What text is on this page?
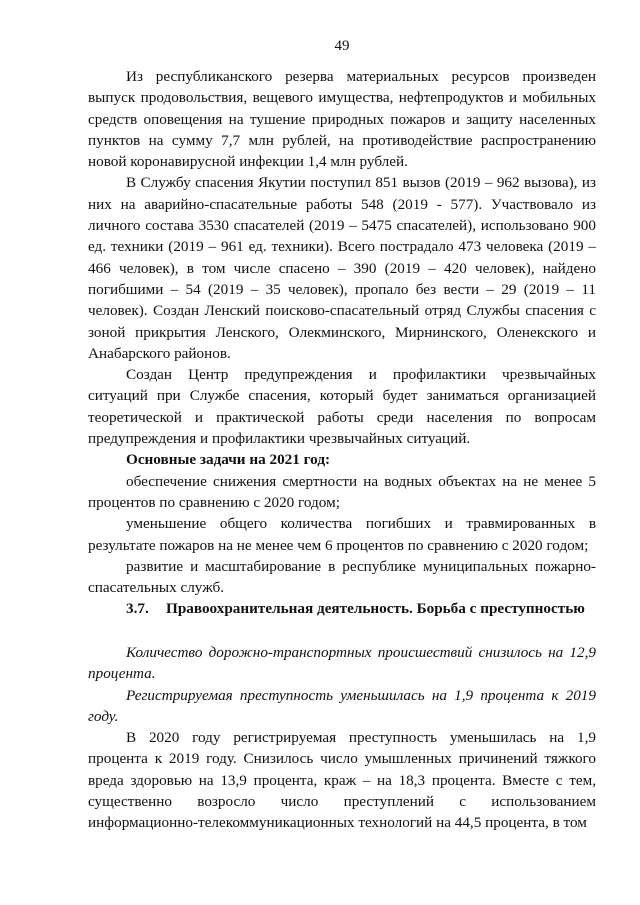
49

Из республиканского резерва материальных ресурсов произведен выпуск продовольствия, вещевого имущества, нефтепродуктов и мобильных средств оповещения на тушение природных пожаров и защиту населенных пунктов на сумму 7,7 млн рублей, на противодействие распространению новой коронавирусной инфекции 1,4 млн рублей.

В Службу спасения Якутии поступил 851 вызов (2019 – 962 вызова), из них на аварийно-спасательные работы 548 (2019 - 577). Участвовало из личного состава 3530 спасателей (2019 – 5475 спасателей), использовано 900 ед. техники (2019 – 961 ед. техники). Всего пострадало 473 человека (2019 – 466 человек), в том числе спасено – 390 (2019 – 420 человек), найдено погибшими – 54 (2019 – 35 человек), пропало без вести – 29 (2019 – 11 человек). Создан Ленский поисково-спасательный отряд Службы спасения с зоной прикрытия Ленского, Олекминского, Мирнинского, Оленекского и Анабарского районов.

Создан Центр предупреждения и профилактики чрезвычайных ситуаций при Службе спасения, который будет заниматься организацией теоретической и практической работы среди населения по вопросам предупреждения и профилактики чрезвычайных ситуаций.

Основные задачи на 2021 год:

обеспечение снижения смертности на водных объектах на не менее 5 процентов по сравнению с 2020 годом;

уменьшение общего количества погибших и травмированных в результате пожаров на не менее чем 6 процентов по сравнению с 2020 годом;

развитие и масштабирование в республике муниципальных пожарно-спасательных служб.

3.7. Правоохранительная деятельность. Борьба с преступностью

Количество дорожно-транспортных происшествий снизилось на 12,9 процента.

Регистрируемая преступность уменьшилась на 1,9 процента к 2019 году.

В 2020 году регистрируемая преступность уменьшилась на 1,9 процента к 2019 году. Снизилось число умышленных причинений тяжкого вреда здоровью на 13,9 процента, краж – на 18,3 процента. Вместе с тем, существенно возросло число преступлений с использованием информационно-телекоммуникационных технологий на 44,5 процента, в том
